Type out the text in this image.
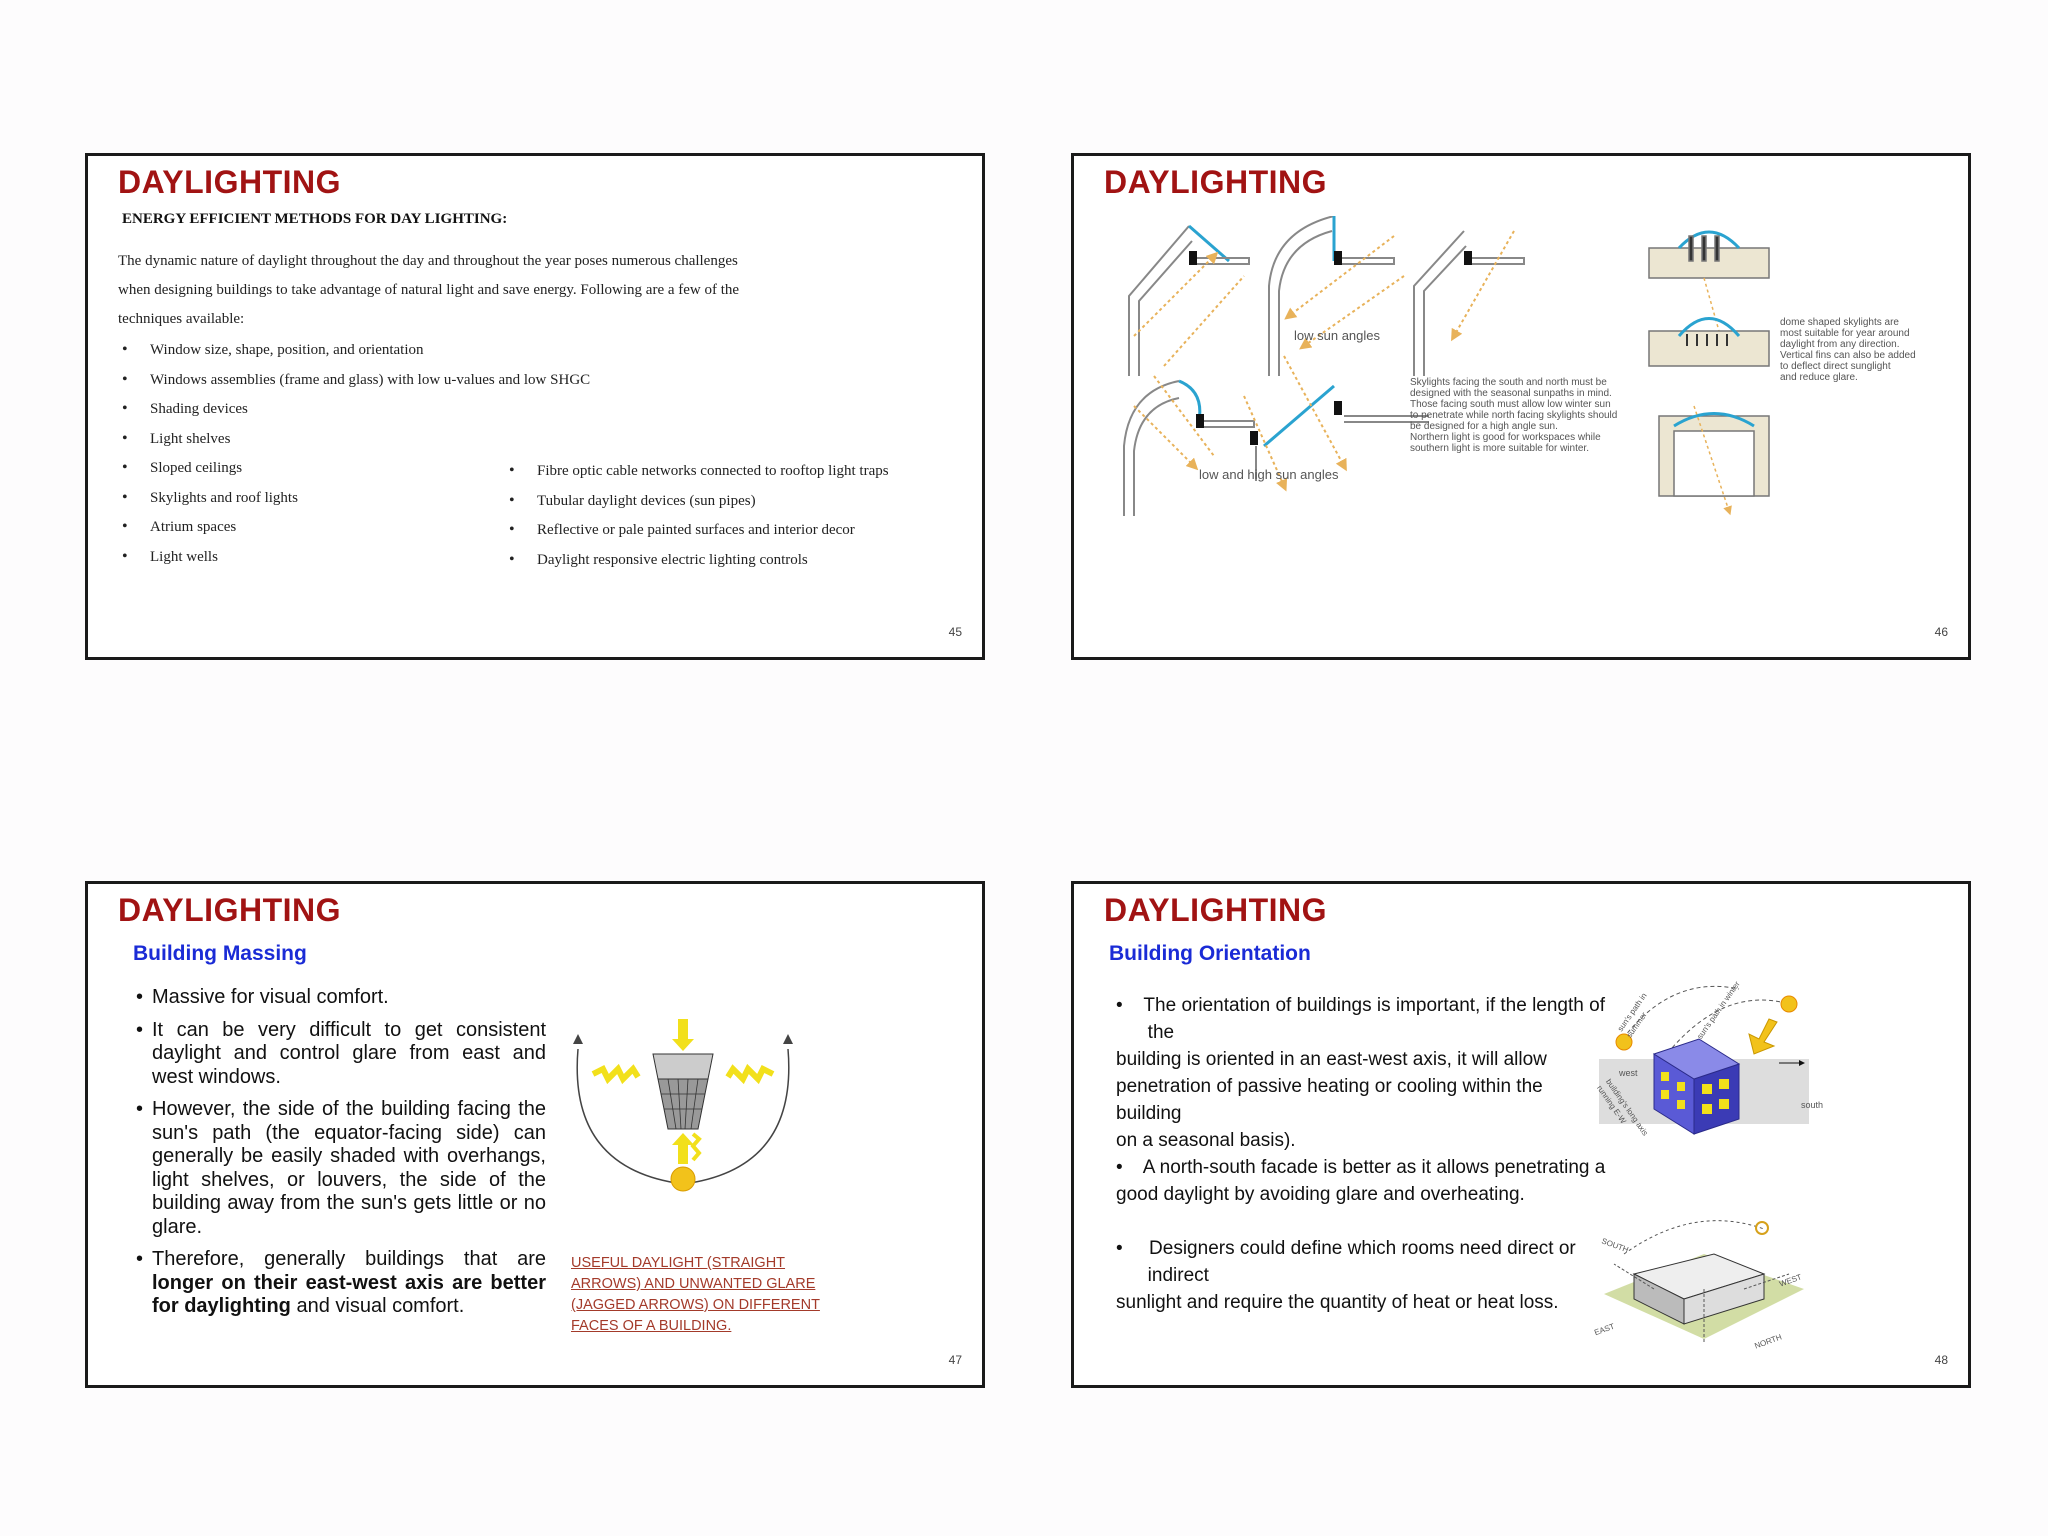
DAYLIGHTING
ENERGY EFFICIENT METHODS FOR DAY LIGHTING:
The dynamic nature of daylight throughout the day and throughout the year poses numerous challenges when designing buildings to take advantage of natural light and save energy. Following are a few of the techniques available:
• Window size, shape, position, and orientation
• Windows assemblies (frame and glass) with low u-values and low SHGC
• Shading devices
• Light shelves
• Sloped ceilings
• Skylights and roof lights
• Atrium spaces
• Light wells
• Fibre optic cable networks connected to rooftop light traps
• Tubular daylight devices (sun pipes)
• Reflective or pale painted surfaces and interior decor
• Daylight responsive electric lighting controls
45
DAYLIGHTING
low sun angles
low and high sun angles
Skylights facing the south and north must be
designed with the seasonal sunpaths in mind.
Those facing south must allow low winter sun
to penetrate while north facing skylights should
be designed for a high angle sun.
Northern light is good for workspaces while
southern light is more suitable for winter.
dome shaped skylights are
most suitable for year around
daylight from any direction.
Vertical fins can also be added
to deflect direct sunglight
and reduce glare.
46
DAYLIGHTING
Building Massing
• Massive for visual comfort.
• It can be very difficult to get consistent daylight and control glare from east and west windows.
• However, the side of the building facing the sun's path (the equator-facing side) can generally be easily shaded with overhangs, light shelves, or louvers, the side of the building away from the sun's gets little or no glare.
• Therefore, generally buildings that are longer on their east-west axis are better for daylighting and visual comfort.
USEFUL DAYLIGHT (STRAIGHT ARROWS) AND UNWANTED GLARE (JAGGED ARROWS) ON DIFFERENT FACES OF A BUILDING.
47
DAYLIGHTING
Building Orientation
•    The orientation of buildings is important, if the length of
the
building is oriented in an east-west axis, it will allow
penetration of passive heating or cooling within the
building
on a seasonal basis).
•    A north-south facade is better as it allows penetrating a
good daylight by avoiding glare and overheating.
•     Designers could define which rooms need direct or
indirect
sunlight and require the quantity of heat or heat loss.
west
south
sun's path in summer	sun's path in winter
building's long axis running E-W
SOUTH
WEST
EAST
NORTH
48
